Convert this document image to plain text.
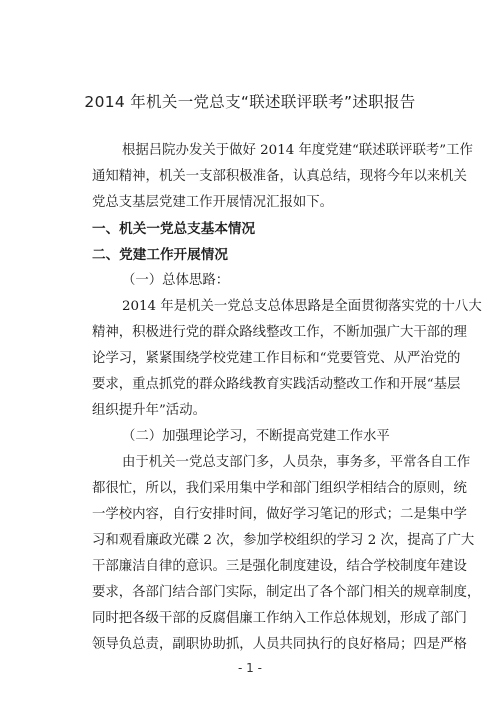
2014 年机关一党总支“联述联评联考”述职报告
根据吕院办发关于做好 2014 年度党建“联述联评联考”工作
通知精神，机关一支部积极准备，认真总结，现将今年以来机关
党总支基层党建工作开展情况汇报如下。
一、机关一党总支基本情况
二、党建工作开展情况
（一）总体思路：
2014 年是机关一党总支总体思路是全面贯彻落实党的十八大
精神，积极进行党的群众路线整改工作，不断加强广大干部的理
论学习，紧紧围绕学校党建工作目标和“党要管党、从严治党的
要求，重点抓党的群众路线教育实践活动整改工作和开展“基层
组织提升年”活动。
（二）加强理论学习，不断提高党建工作水平
由于机关一党总支部门多，人员杂，事务多，平常各自工作
都很忙，所以，我们采用集中学和部门组织学相结合的原则，统
一学校内容，自行安排时间，做好学习笔记的形式；二是集中学
习和观看廉政光碟 2 次，参加学校组织的学习 2 次，提高了广大
干部廉洁自律的意识。三是强化制度建设，结合学校制度年建设
要求，各部门结合部门实际，制定出了各个部门相关的规章制度，
同时把各级干部的反腐倡廉工作纳入工作总体规划，形成了部门
领导负总责，副职协助抓，人员共同执行的良好格局；四是严格
- 1 -
